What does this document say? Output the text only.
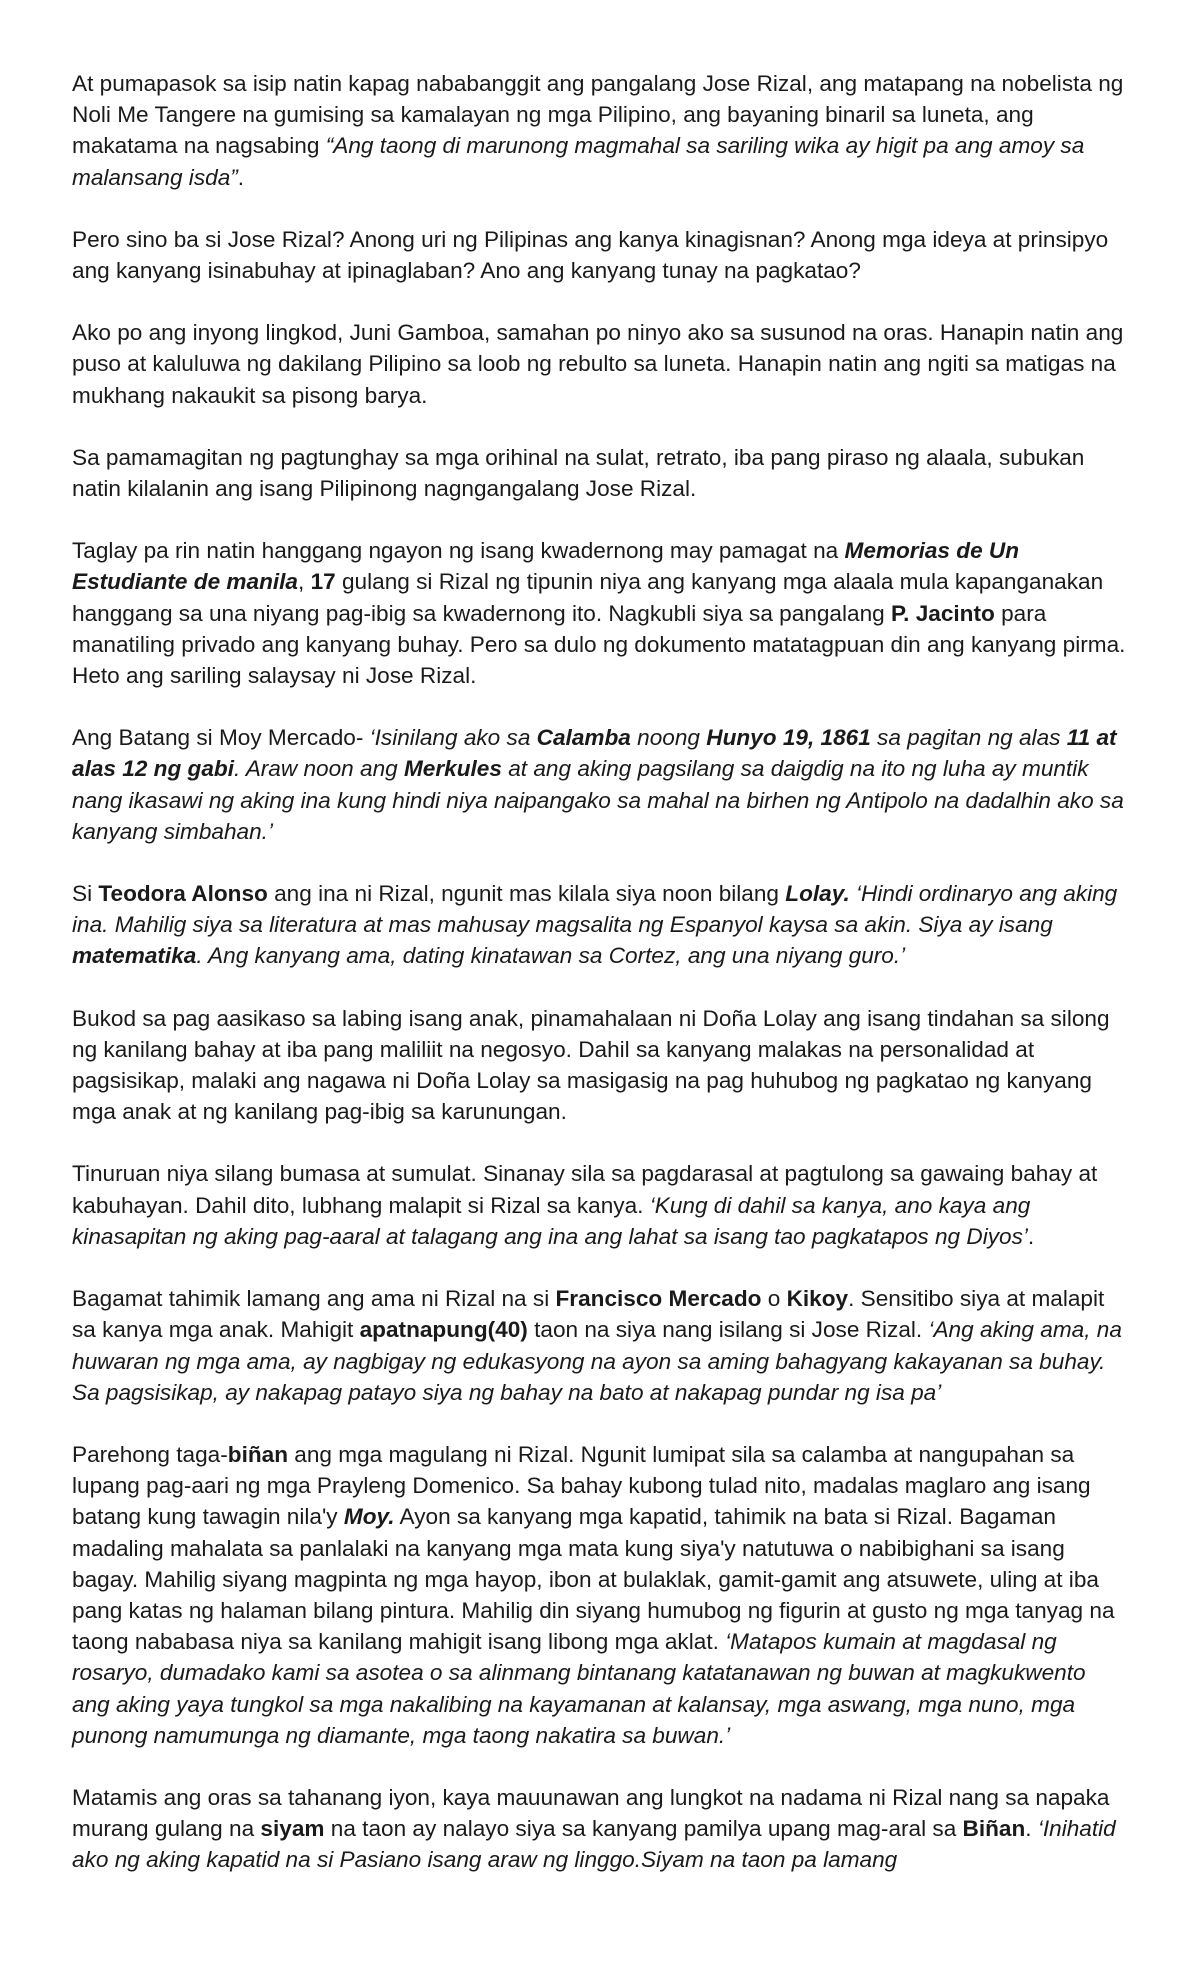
At pumapasok sa isip natin kapag nababanggit ang pangalang Jose Rizal, ang matapang na nobelista ng Noli Me Tangere na gumising sa kamalayan ng mga Pilipino, ang bayaning binaril sa luneta, ang makatama na nagsabing “Ang taong di marunong magmahal sa sariling wika ay higit pa ang amoy sa malansang isda”.

Pero sino ba si Jose Rizal? Anong uri ng Pilipinas ang kanya kinagisnan? Anong mga ideya at prinsipyo ang kanyang isinabuhay at ipinaglaban? Ano ang kanyang tunay na pagkatao?

Ako po ang inyong lingkod, Juni Gamboa, samahan po ninyo ako sa susunod na oras. Hanapin natin ang puso at kaluluwa ng dakilang Pilipino sa loob ng rebulto sa luneta. Hanapin natin ang ngiti sa matigas na mukhang nakaukit sa pisong barya.

Sa pamamagitan ng pagtunghay sa mga orihinal na sulat, retrato, iba pang piraso ng alaala, subukan natin kilalanin ang isang Pilipinong nagngangalang Jose Rizal.

Taglay pa rin natin hanggang ngayon ng isang kwadernong may pamagat na Memorias de Un Estudiante de manila, 17 gulang si Rizal ng tipunin niya ang kanyang mga alaala mula kapanganakan hanggang sa una niyang pag-ibig sa kwadernong ito. Nagkubli siya sa pangalang P. Jacinto para manatiling privado ang kanyang buhay. Pero sa dulo ng dokumento matatagpuan din ang kanyang pirma. Heto ang sariling salaysay ni Jose Rizal.

Ang Batang si Moy Mercado- ‘Isinilang ako sa Calamba noong Hunyo 19, 1861 sa pagitan ng alas 11 at alas 12 ng gabi. Araw noon ang Merkules at ang aking pagsilang sa daigdig na ito ng luha ay muntik nang ikasawi ng aking ina kung hindi niya naipangako sa mahal na birhen ng Antipolo na dadalhin ako sa kanyang simbahan.’

Si Teodora Alonso ang ina ni Rizal, ngunit mas kilala siya noon bilang Lolay. ‘Hindi ordinaryo ang aking ina. Mahilig siya sa literatura at mas mahusay magsalita ng Espanyol kaysa sa akin. Siya ay isang matematika. Ang kanyang ama, dating kinatawan sa Cortez, ang una niyang guro.’

Bukod sa pag aasikaso sa labing isang anak, pinamahalaan ni Doña Lolay ang isang tindahan sa silong ng kanilang bahay at iba pang maliliit na negosyo. Dahil sa kanyang malakas na personalidad at pagsisikap, malaki ang nagawa ni Doña Lolay sa masigasig na pag huhubog ng pagkatao ng kanyang mga anak at ng kanilang pag-ibig sa karunungan.

Tinuruan niya silang bumasa at sumulat. Sinanay sila sa pagdarasal at pagtulong sa gawaing bahay at kabuhayan. Dahil dito, lubhang malapit si Rizal sa kanya. ‘Kung di dahil sa kanya, ano kaya ang kinasapitan ng aking pag-aaral at talagang ang ina ang lahat sa isang tao pagkatapos ng Diyos’.

Bagamat tahimik lamang ang ama ni Rizal na si Francisco Mercado o Kikoy. Sensitibo siya at malapit sa kanya mga anak. Mahigit apatnapung(40) taon na siya nang isilang si Jose Rizal. ‘Ang aking ama, na huwaran ng mga ama, ay nagbigay ng edukasyong na ayon sa aming bahagyang kakayanan sa buhay. Sa pagsisikap, ay nakapag patayo siya ng bahay na bato at nakapag pundar ng isa pa’

Parehong taga-biñan ang mga magulang ni Rizal. Ngunit lumipat sila sa calamba at nangupahan sa lupang pag-aari ng mga Prayleng Domenico. Sa bahay kubong tulad nito, madalas maglaro ang isang batang kung tawagin nila'y Moy. Ayon sa kanyang mga kapatid, tahimik na bata si Rizal. Bagaman madaling mahalata sa panlalaki na kanyang mga mata kung siya'y natutuwa o nabibighani sa isang bagay. Mahilig siyang magpinta ng mga hayop, ibon at bulaklak, gamit-gamit ang atsuwete, uling at iba pang katas ng halaman bilang pintura. Mahilig din siyang humubog ng figurin at gusto ng mga tanyag na taong nababasa niya sa kanilang mahigit isang libong mga aklat. ‘Matapos kumain at magdasal ng rosaryo, dumadako kami sa asotea o sa alinmang bintanang katatanawan ng buwan at magkukwento ang aking yaya tungkol sa mga nakalibing na kayamanan at kalansay, mga aswang, mga nuno, mga punong namumunga ng diamante, mga taong nakatira sa buwan.’

Matamis ang oras sa tahanang iyon, kaya mauunawan ang lungkot na nadama ni Rizal nang sa napaka murang gulang na siyam na taon ay nalayo siya sa kanyang pamilya upang mag-aral sa Biñan. ‘Inihatid ako ng aking kapatid na si Pasiano isang araw ng linggo.Siyam na taon pa lamang
